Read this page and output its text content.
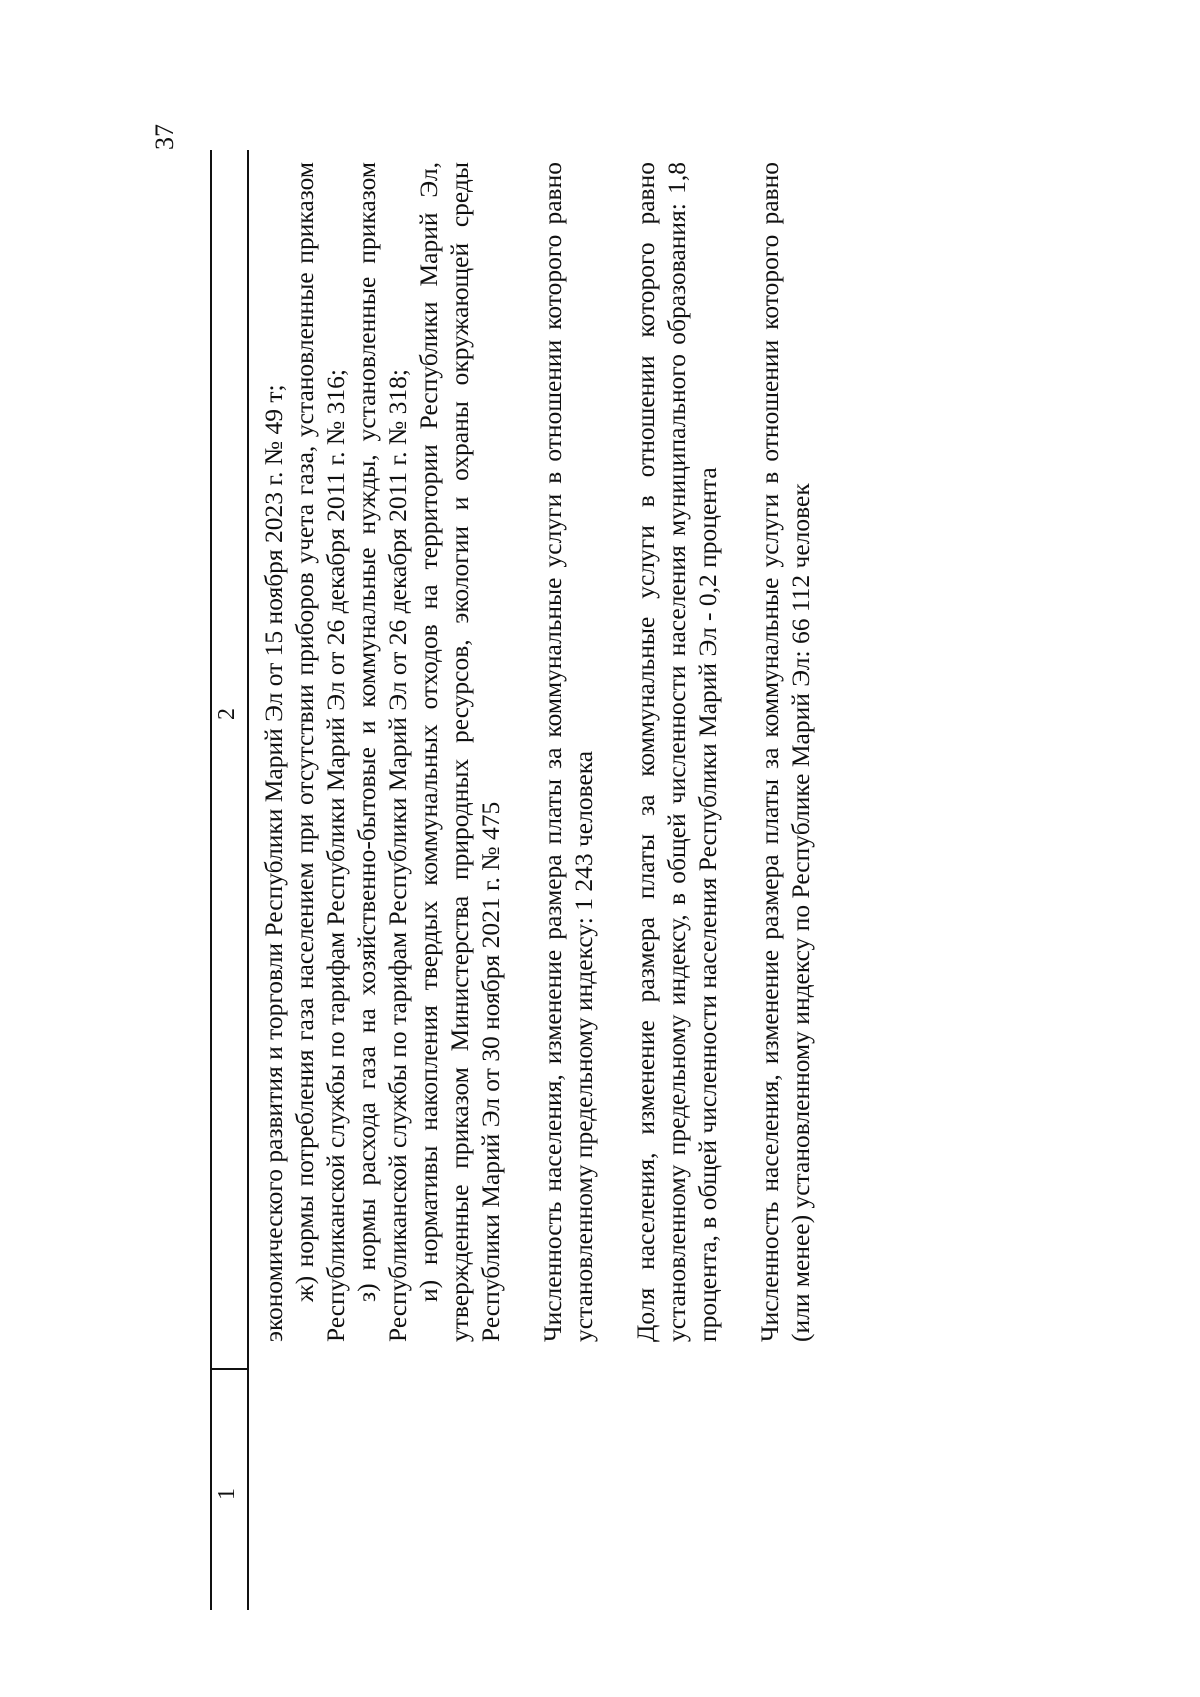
37
1
2 экономического развития и торговли Республики Марий Эл от 15 ноября 2023 г. № 49 т; ж) нормы потребления газа населением при отсутствии приборов учета газа, установленные приказом Республиканской службы по тарифам Республики Марий Эл от 26 декабря 2011 г. № 316; з) нормы расхода газа на хозяйственно-бытовые и коммунальные нужды, установленные приказом Республиканской службы по тарифам Республики Марий Эл от 26 декабря 2011 г. № 318; и) нормативы накопления твердых коммунальных отходов на территории Республики Марий Эл, утвержденные приказом Министерства природных ресурсов, экологии и охраны окружающей среды Республики Марий Эл от 30 ноября 2021 г. № 475 Численность населения, изменение размера платы за коммунальные услуги в отношении которого равно установленному предельному индексу: 1 243 человека Доля населения, изменение размера платы за коммунальные услуги в отношении которого равно установленному предельному индексу, в общей численности населения муниципального образования: 1,8 процента, в общей численности населения Республики Марий Эл - 0,2 процента Численность населения, изменение размера платы за коммунальные услуги в отношении которого равно (или менее) установленному индексу по Республике Марий Эл: 66 112 человек
